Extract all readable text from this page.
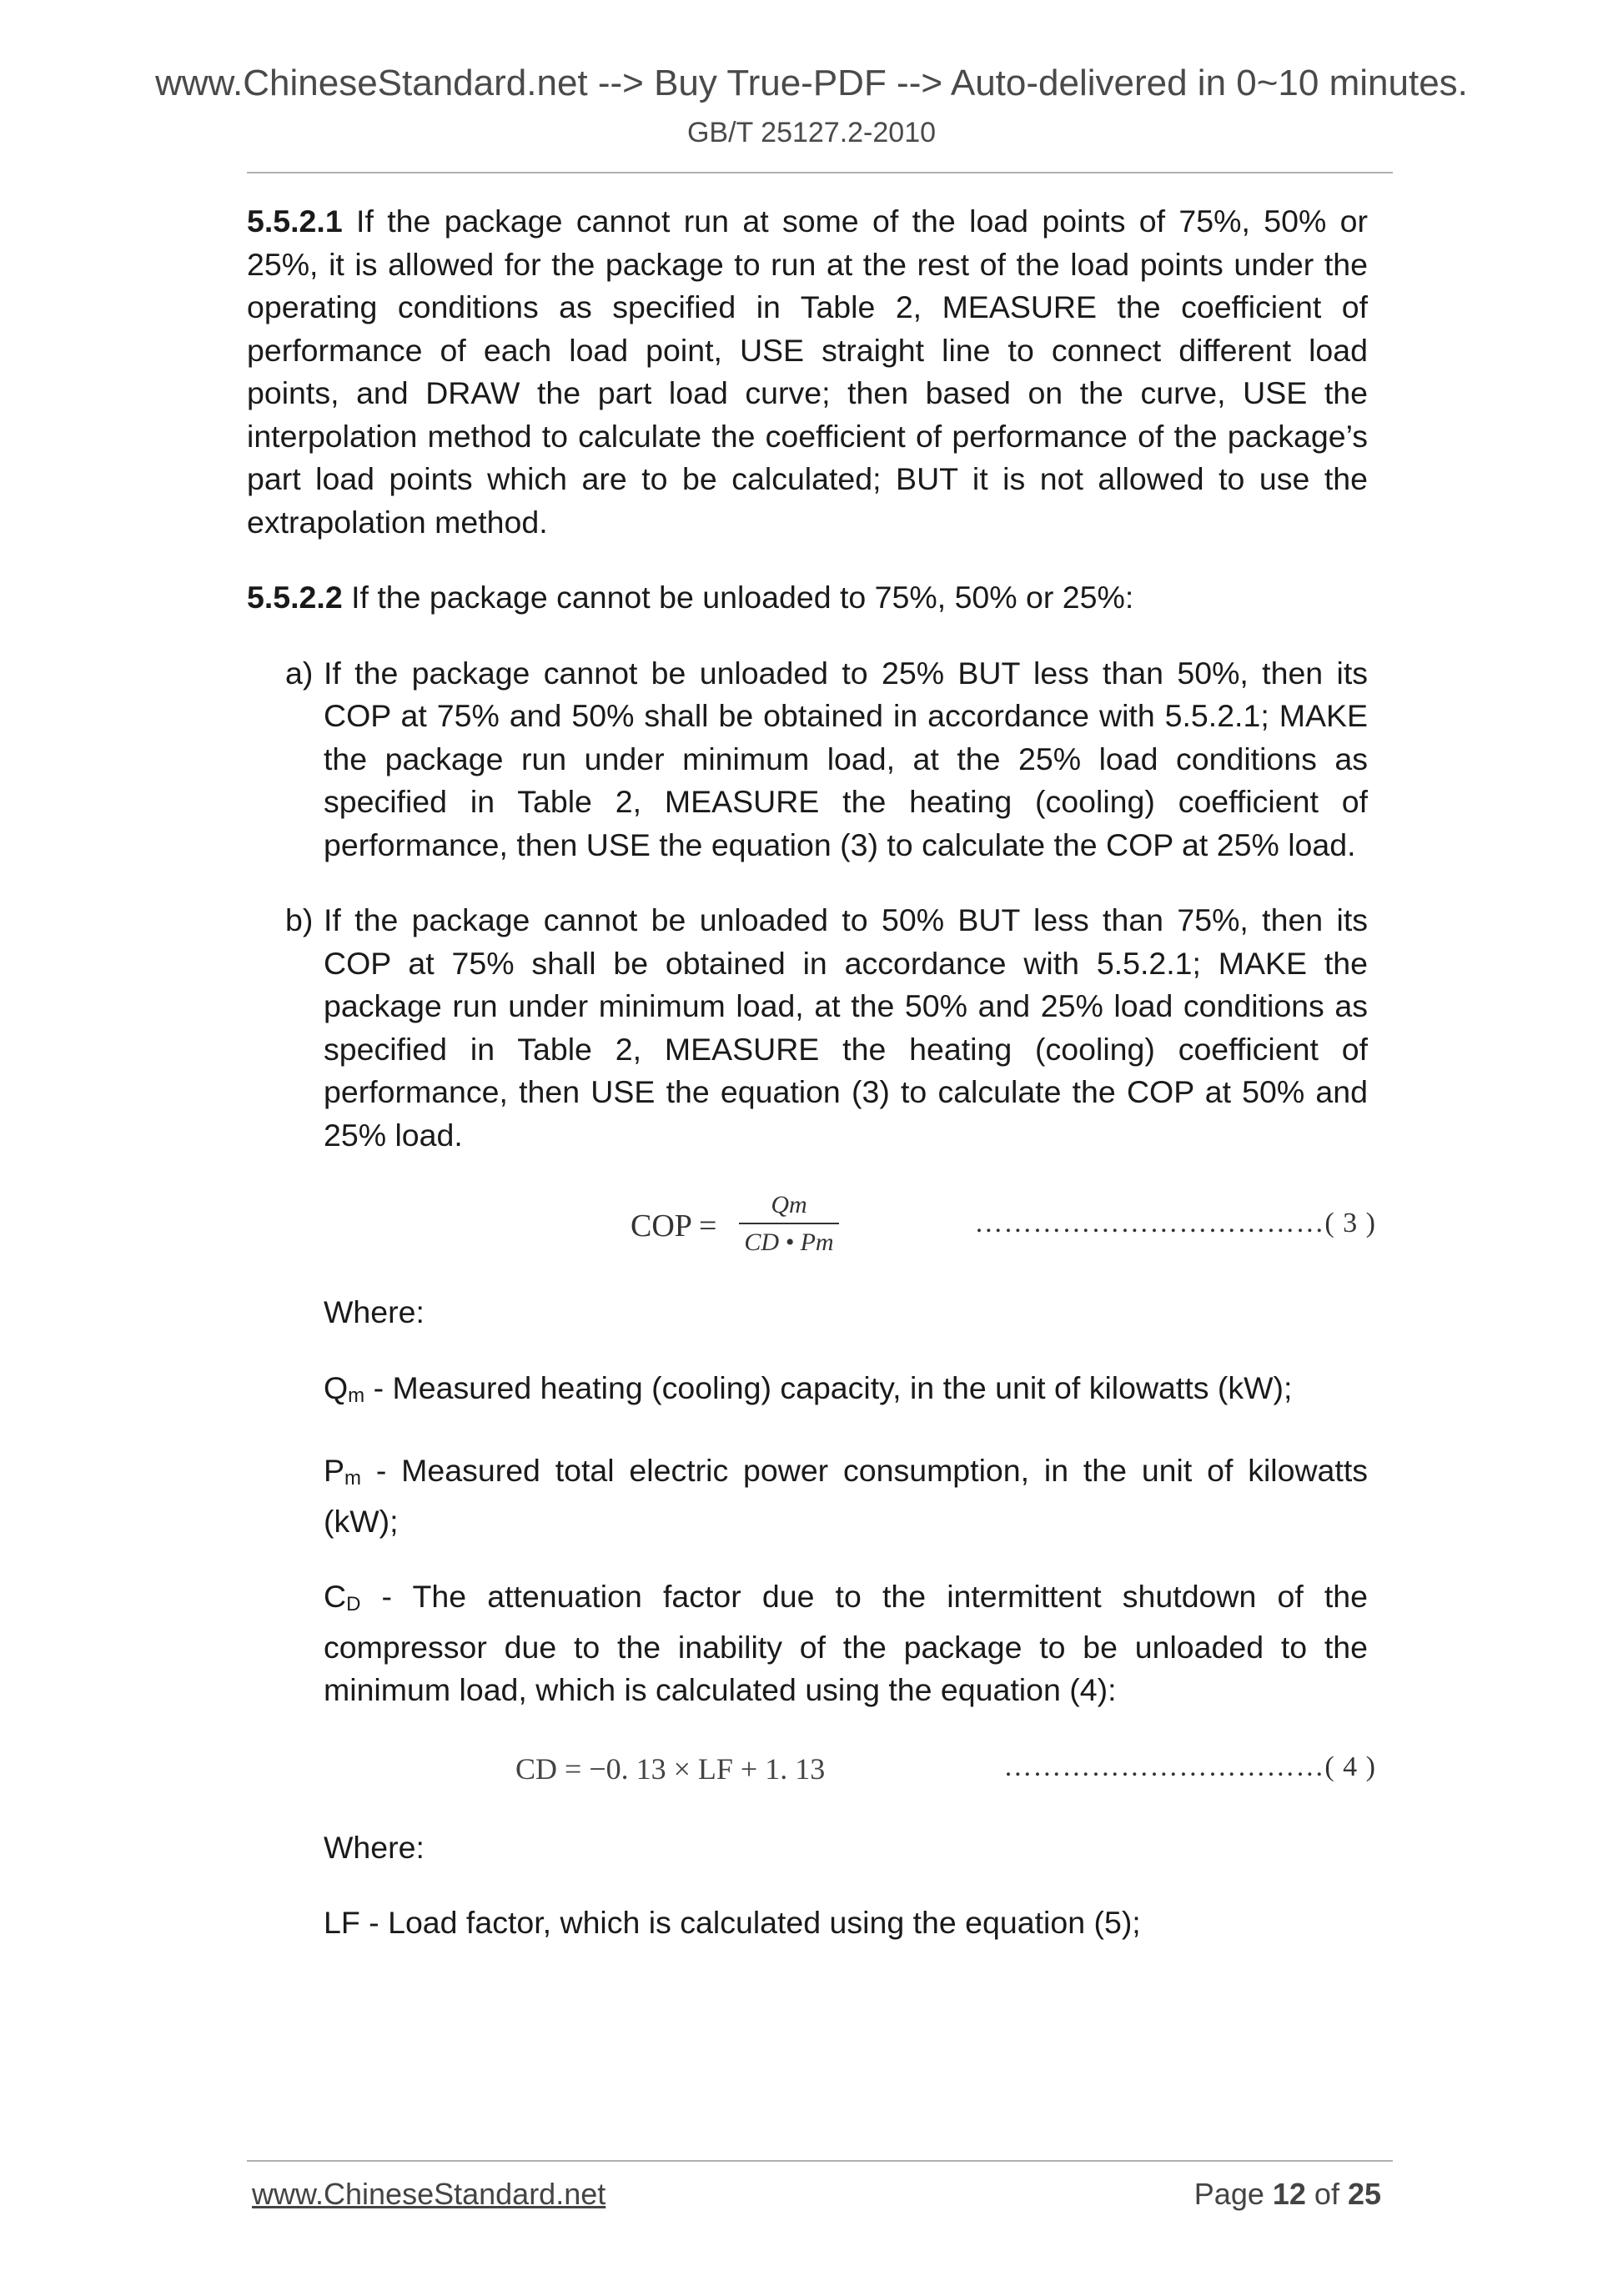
www.ChineseStandard.net --> Buy True-PDF --> Auto-delivered in 0~10 minutes.
GB/T 25127.2-2010

5.5.2.1 If the package cannot run at some of the load points of 75%, 50% or 25%, it is allowed for the package to run at the rest of the load points under the operating conditions as specified in Table 2, MEASURE the coefficient of performance of each load point, USE straight line to connect different load points, and DRAW the part load curve; then based on the curve, USE the interpolation method to calculate the coefficient of performance of the package’s part load points which are to be calculated; BUT it is not allowed to use the extrapolation method.

5.5.2.2 If the package cannot be unloaded to 75%, 50% or 25%:

a) If the package cannot be unloaded to 25% BUT less than 50%, then its COP at 75% and 50% shall be obtained in accordance with 5.5.2.1; MAKE the package run under minimum load, at the 25% load conditions as specified in Table 2, MEASURE the heating (cooling) coefficient of performance, then USE the equation (3) to calculate the COP at 25% load.
b) If the package cannot be unloaded to 50% BUT less than 75%, then its COP at 75% shall be obtained in accordance with 5.5.2.1; MAKE the package run under minimum load, at the 50% and 25% load conditions as specified in Table 2, MEASURE the heating (cooling) coefficient of performance, then USE the equation (3) to calculate the COP at 50% and 25% load.
COP =
Qm
CD • Pm
………………………………( 3 )

Where:

Qm - Measured heating (cooling) capacity, in the unit of kilowatts (kW);

Pm - Measured total electric power consumption, in the unit of kilowatts (kW);

CD - The attenuation factor due to the intermittent shutdown of the compressor due to the inability of the package to be unloaded to the minimum load, which is calculated using the equation (4):

CD = −0. 13 × LF + 1. 13	……………………………( 4 )

Where:

LF - Load factor, which is calculated using the equation (5);

www.ChineseStandard.net	Page 12 of 25
